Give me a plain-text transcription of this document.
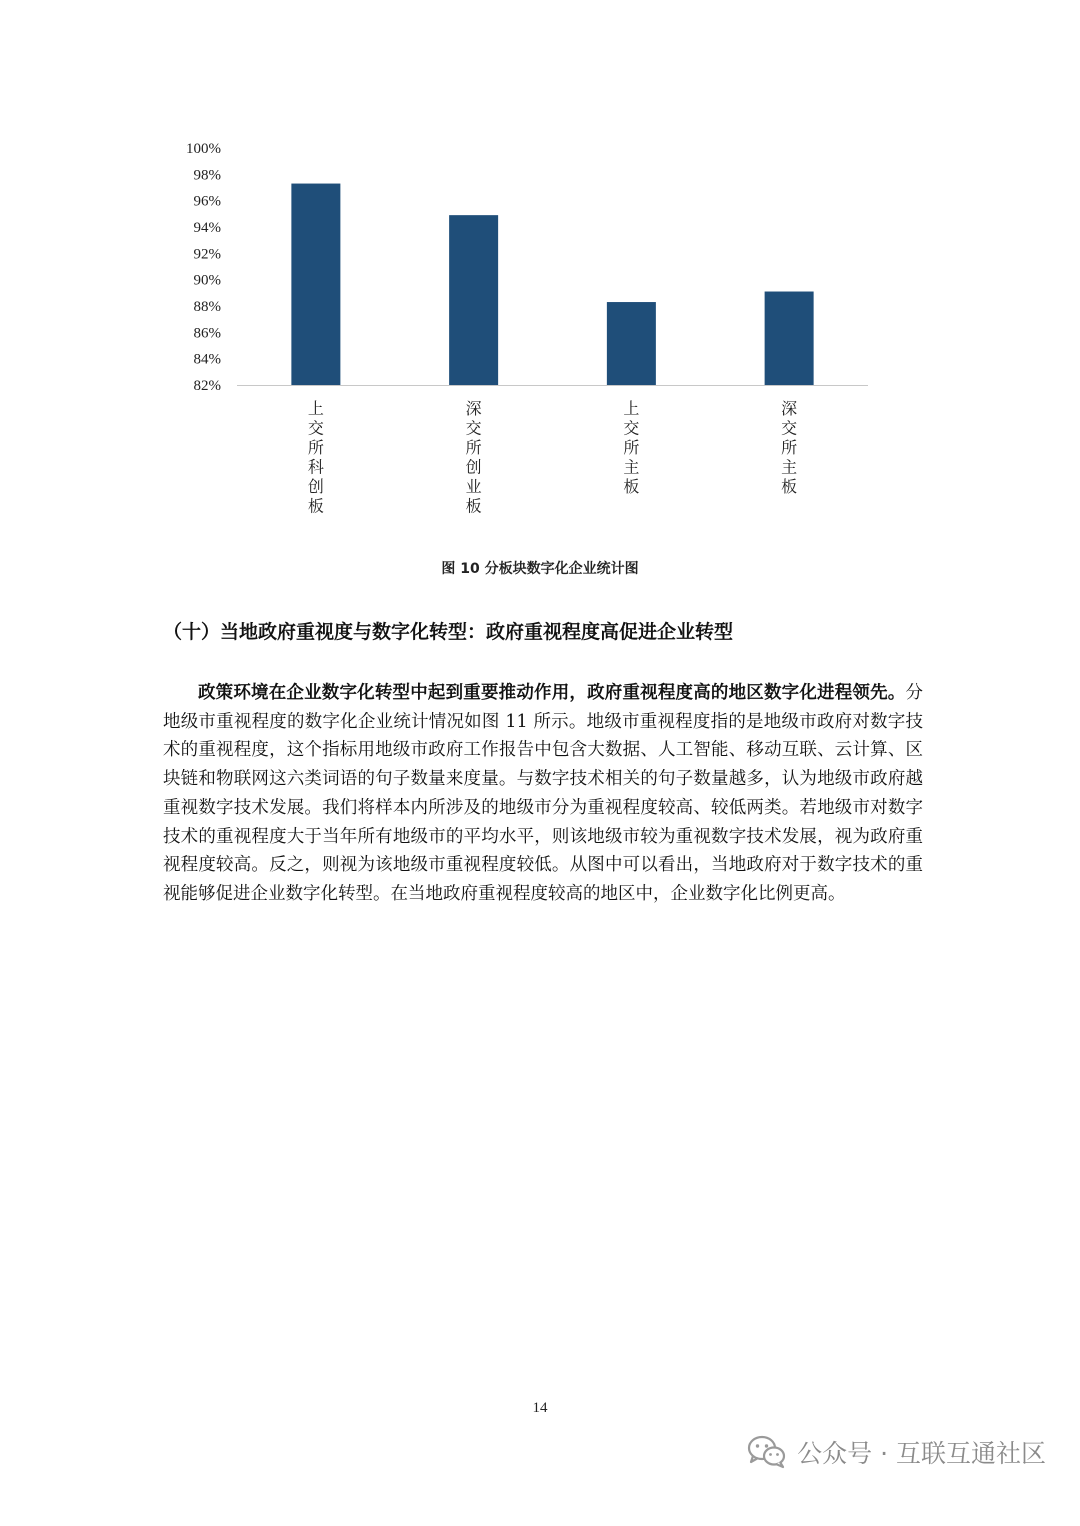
82%
84%
86%
88%
90%
92%
94%
96%
98%
100%
上交所科创板
深交所创业板
上交所主板
深交所主板
图 10 分板块数字化企业统计图
（十）当地政府重视度与数字化转型：政府重视程度高促进企业转型

政策环境在企业数字化转型中起到重要推动作用，政府重视程度高的地区数字化进程领先。分地级市重视程度的数字化企业统计情况如图 11 所示。地级市重视程度指的是地级市政府对数字技术的重视程度，这个指标用地级市政府工作报告中包含大数据、人工智能、移动互联、云计算、区块链和物联网这六类词语的句子数量来度量。与数字技术相关的句子数量越多，认为地级市政府越重视数字技术发展。我们将样本内所涉及的地级市分为重视程度较高、较低两类。若地级市对数字技术的重视程度大于当年所有地级市的平均水平，则该地级市较为重视数字技术发展，视为政府重视程度较高。反之，则视为该地级市重视程度较低。从图中可以看出，当地政府对于数字技术的重视能够促进企业数字化转型。在当地政府重视程度较高的地区中，企业数字化比例更高。

14
公众号 · 互联互通社区
